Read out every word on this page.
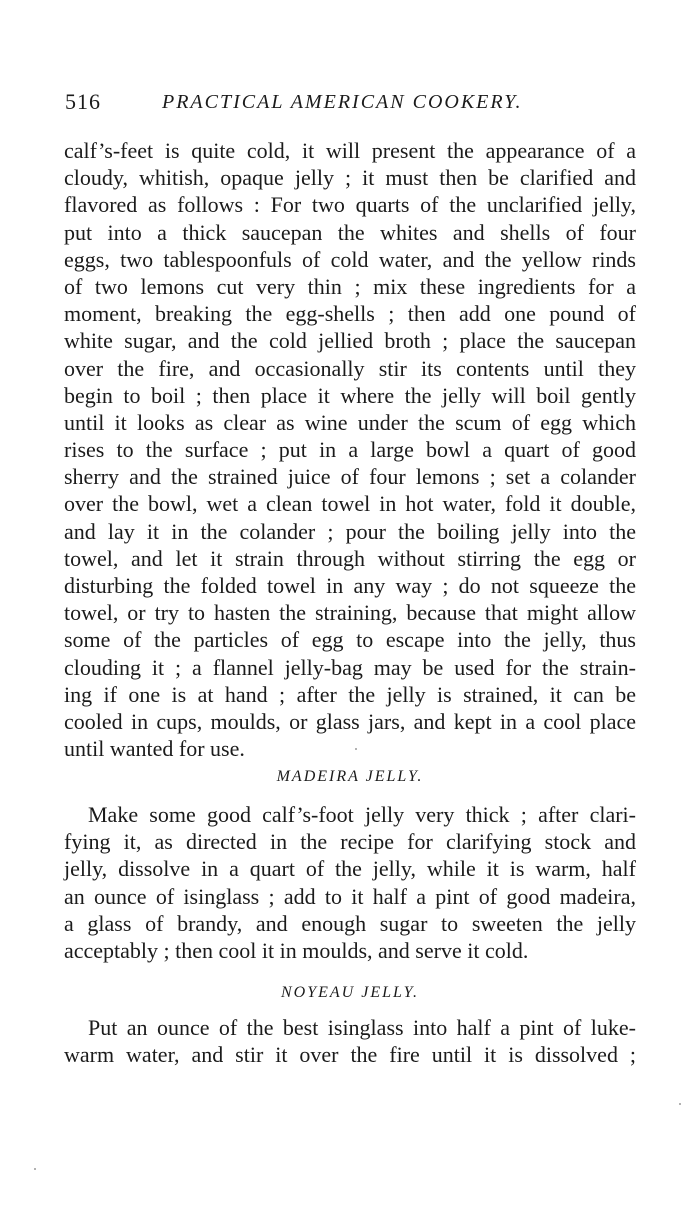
516	PRACTICAL AMERICAN COOKERY.
calf’s-feet is quite cold, it will present the appearance of a
cloudy, whitish, opaque jelly ; it must then be clarified and
flavored as follows : For two quarts of the unclarified jelly,
put into a thick saucepan the whites and shells of four
eggs, two tablespoonfuls of cold water, and the yellow rinds
of two lemons cut very thin ; mix these ingredients for a
moment, breaking the egg-shells ; then add one pound of
white sugar, and the cold jellied broth ; place the saucepan
over the fire, and occasionally stir its contents until they
begin to boil ; then place it where the jelly will boil gently
until it looks as clear as wine under the scum of egg which
rises to the surface ; put in a large bowl a quart of good
sherry and the strained juice of four lemons ; set a colander
over the bowl, wet a clean towel in hot water, fold it double,
and lay it in the colander ; pour the boiling jelly into the
towel, and let it strain through without stirring the egg or
disturbing the folded towel in any way ; do not squeeze the
towel, or try to hasten the straining, because that might allow
some of the particles of egg to escape into the jelly, thus
clouding it ; a flannel jelly-bag may be used for the strain-
ing if one is at hand ; after the jelly is strained, it can be
cooled in cups, moulds, or glass jars, and kept in a cool place
until wanted for use.
MADEIRA JELLY.
Make some good calf’s-foot jelly very thick ; after clari-
fying it, as directed in the recipe for clarifying stock and
jelly, dissolve in a quart of the jelly, while it is warm, half
an ounce of isinglass ; add to it half a pint of good madeira,
a glass of brandy, and enough sugar to sweeten the jelly
acceptably ; then cool it in moulds, and serve it cold.
NOYEAU JELLY.
Put an ounce of the best isinglass into half a pint of luke-
warm water, and stir it over the fire until it is dissolved ;
